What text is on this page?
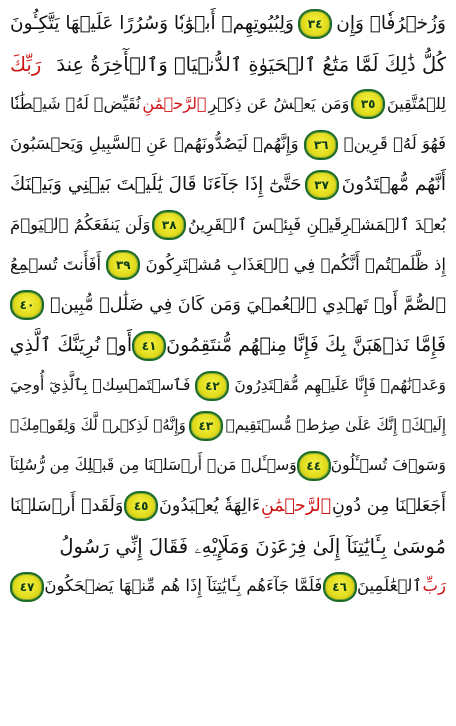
وَزُخۡرُفٗاۚ وَإِن
٣٤
وَلِبُيُوتِهِمۡ أَبۡوَٰبٗا وَسُرُرًا عَلَيۡهَا يَتَّكِـُٔونَ
كُلُّ ذَٰلِكَ لَمَّا مَتَٰعُ ٱلۡحَيَوٰةِ ٱلدُّنۡيَاۚ وَٱلۡأٓخِرَةُ عِندَ
رَبِّكَ
لِلۡمُتَّقِينَ
٣٥
وَمَن يَعۡشُ عَن ذِكۡرِ
ٱلرَّحۡمَٰنِ
نُقَيِّضۡ لَهُۥ شَيۡطَٰنٗا
فَهُوَ لَهُۥ قَرِينٞ
٣٦
وَإِنَّهُمۡ لَيَصُدُّونَهُمۡ عَنِ ٱلسَّبِيلِ وَيَحۡسَبُونَ
أَنَّهُم مُّهۡتَدُونَ
٣٧
حَتَّىٰٓ إِذَا جَآءَنَا قَالَ يَٰلَيۡتَ بَيۡنِي وَبَيۡنَكَ
بُعۡدَ ٱلۡمَشۡرِقَيۡنِ فَبِئۡسَ ٱلۡقَرِينُ
٣٨
وَلَن يَنفَعَكُمُ ٱلۡيَوۡمَ
إِذ ظَّلَمۡتُمۡ أَنَّكُمۡ فِي ٱلۡعَذَابِ مُشۡتَرِكُونَ
٣٩
أَفَأَنتَ تُسۡمِعُ
ٱلصُّمَّ أَوۡ تَهۡدِي ٱلۡعُمۡيَ وَمَن كَانَ فِي ضَلَٰلٖ مُّبِينٖ
٤٠
فَإِمَّا نَذۡهَبَنَّ بِكَ فَإِنَّا مِنۡهُم مُّنتَقِمُونَ
٤١
أَوۡ نُرِيَنَّكَ ٱلَّذِي
وَعَدۡنَٰهُمۡ فَإِنَّا عَلَيۡهِم مُّقۡتَدِرُونَ
٤٢
فَٱسۡتَمۡسِكۡ بِٱلَّذِيٓ أُوحِيَ
إِلَيۡكَۖ إِنَّكَ عَلَىٰ صِرَٰطٖ مُّسۡتَقِيمٖ
٤٣
وَإِنَّهُۥ لَذِكۡرٞ لَّكَ وَلِقَوۡمِكَۖ
وَسَوۡفَ تُسۡـَٔلُونَ
٤٤
وَسۡـَٔلۡ مَنۡ أَرۡسَلۡنَا مِن قَبۡلِكَ مِن رُّسُلِنَآ
أَجَعَلۡنَا مِن دُونِ
ٱلرَّحۡمَٰنِ
ءَالِهَةٗ يُعۡبَدُونَ
٤٥
وَلَقَدۡ أَرۡسَلۡنَا
مُوسَىٰ بِـَٔايَٰتِنَآ إِلَىٰ فِرۡعَوۡنَ وَمَلَإِيْهِۦ فَقَالَ إِنِّي رَسُولُ
رَبِّ
ٱلۡعَٰلَمِينَ
٤٦
فَلَمَّا جَآءَهُم بِـَٔايَٰتِنَآ إِذَا هُم مِّنۡهَا يَضۡحَكُونَ
٤٧
